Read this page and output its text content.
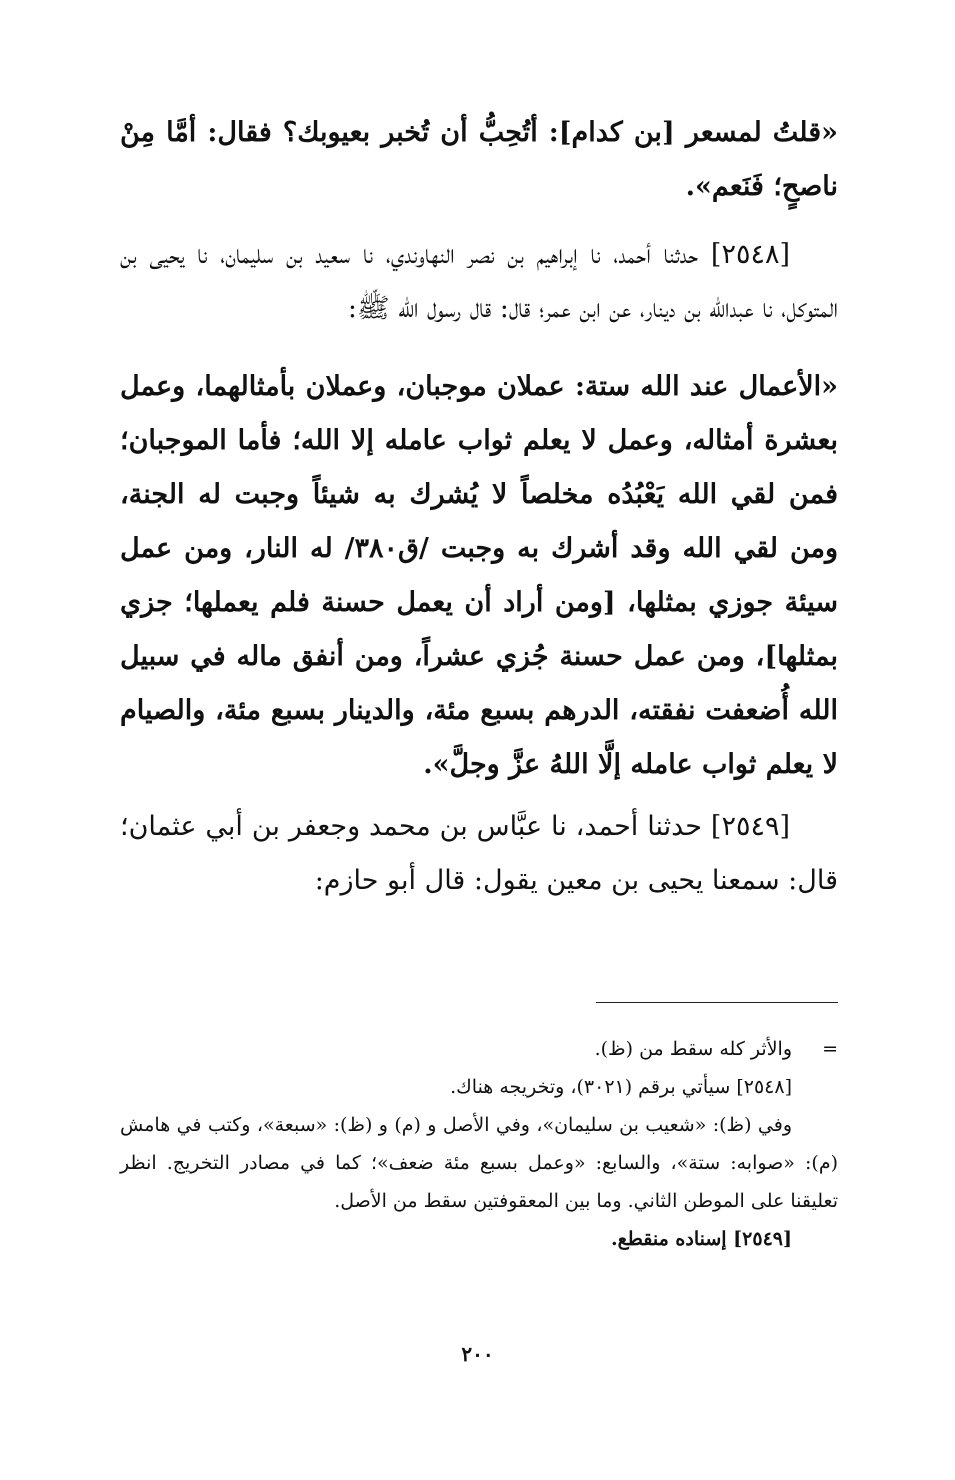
«قلتُ لمسعر [بن كدام]: أتُحِبُّ أن تُخبر بعيوبك؟ فقال: أمَّا مِنْ ناصحٍ؛ فَنَعم».

[٢٥٤٨] حدثنا أحمد، نا إبراهيم بن نصر النهاوندي، نا سعيد بن سليمان، نا يحيى بن المتوكل، نا عبدالله بن دينار، عن ابن عمر؛ قال: قال رسول الله ﷺ:

«الأعمال عند الله ستة: عملان موجبان، وعملان بأمثالهما، وعمل بعشرة أمثاله، وعمل لا يعلم ثواب عامله إلا الله؛ فأما الموجبان؛ فمن لقي الله يَعْبُدُه مخلصاً لا يُشرك به شيئاً وجبت له الجنة، ومن لقي الله وقد أشرك به وجبت /ق٣٨٠/ له النار، ومن عمل سيئة جوزي بمثلها، [ومن أراد أن يعمل حسنة فلم يعملها؛ جزي بمثلها]، ومن عمل حسنة جُزي عشراً، ومن أنفق ماله في سبيل الله أُضعفت نفقته، الدرهم بسبع مئة، والدينار بسبع مئة، والصيام لا يعلم ثواب عامله إلَّا اللهُ عزَّ وجلَّ».

[٢٥٤٩] حدثنا أحمد، نا عبَّاس بن محمد وجعفر بن أبي عثمان؛ قال: سمعنا يحيى بن معين يقول: قال أبو حازم:

=
والأثر كله سقط من (ظ).

[٢٥٤٨] سيأتي برقم (٣٠٢١)، وتخريجه هناك.

وفي (ظ): «شعيب بن سليمان»، وفي الأصل و (م) و (ظ): «سبعة»، وكتب في هامش (م): «صوابه: ستة»، والسابع: «وعمل بسبع مئة ضعف»؛ كما في مصادر التخريج. انظر تعليقنا على الموطن الثاني. وما بين المعقوفتين سقط من الأصل.

[٢٥٤٩] إسناده منقطع.

٢٠٠
